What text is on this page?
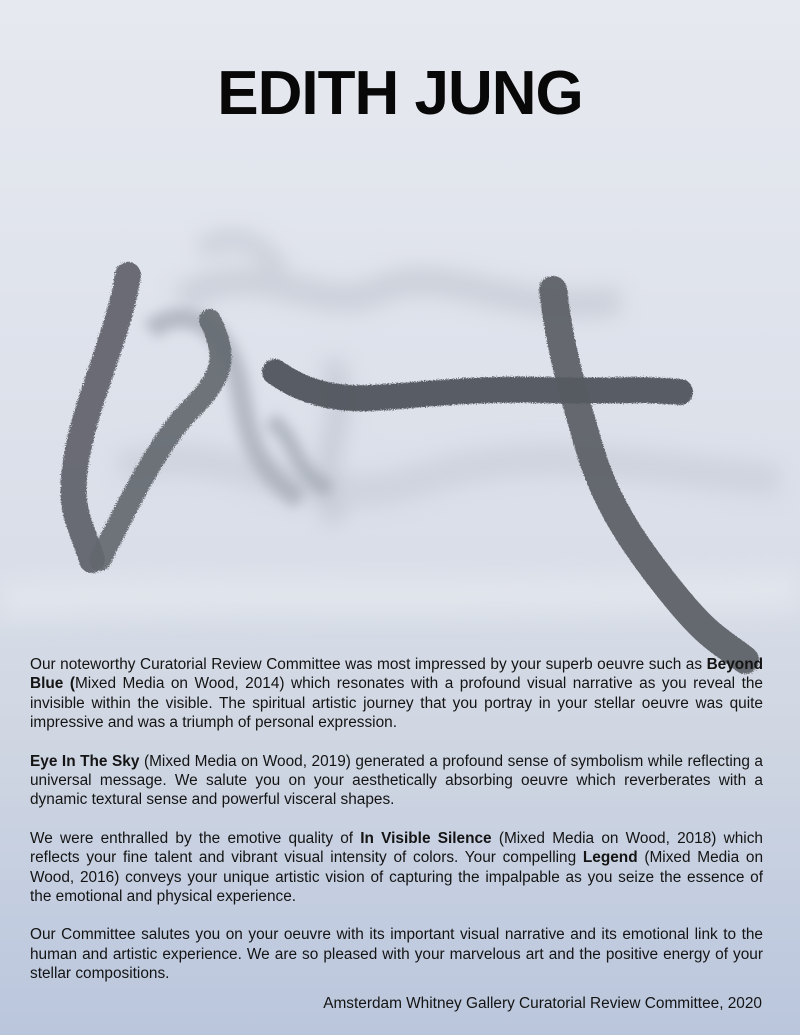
EDITH JUNG

Our noteworthy Curatorial Review Committee was most impressed by your superb oeuvre such as Beyond Blue (Mixed Media on Wood, 2014) which resonates with a profound visual narrative as you reveal the invisible within the visible. The spiritual artistic journey that you portray in your stellar oeuvre was quite impressive and was a triumph of personal expression.

Eye In The Sky (Mixed Media on Wood, 2019) generated a profound sense of symbolism while reflecting a universal message. We salute you on your aesthetically absorbing oeuvre which reverberates with a dynamic textural sense and powerful visceral shapes.

We were enthralled by the emotive quality of In Visible Silence (Mixed Media on Wood, 2018) which reflects your fine talent and vibrant visual intensity of colors. Your compelling Legend (Mixed Media on Wood, 2016) conveys your unique artistic vision of capturing the impalpable as you seize the essence of the emotional and physical experience.

Our Committee salutes you on your oeuvre with its important visual narrative and its emotional link to the human and artistic experience. We are so pleased with your marvelous art and the positive energy of your stellar compositions.

Amsterdam Whitney Gallery Curatorial Review Committee, 2020
